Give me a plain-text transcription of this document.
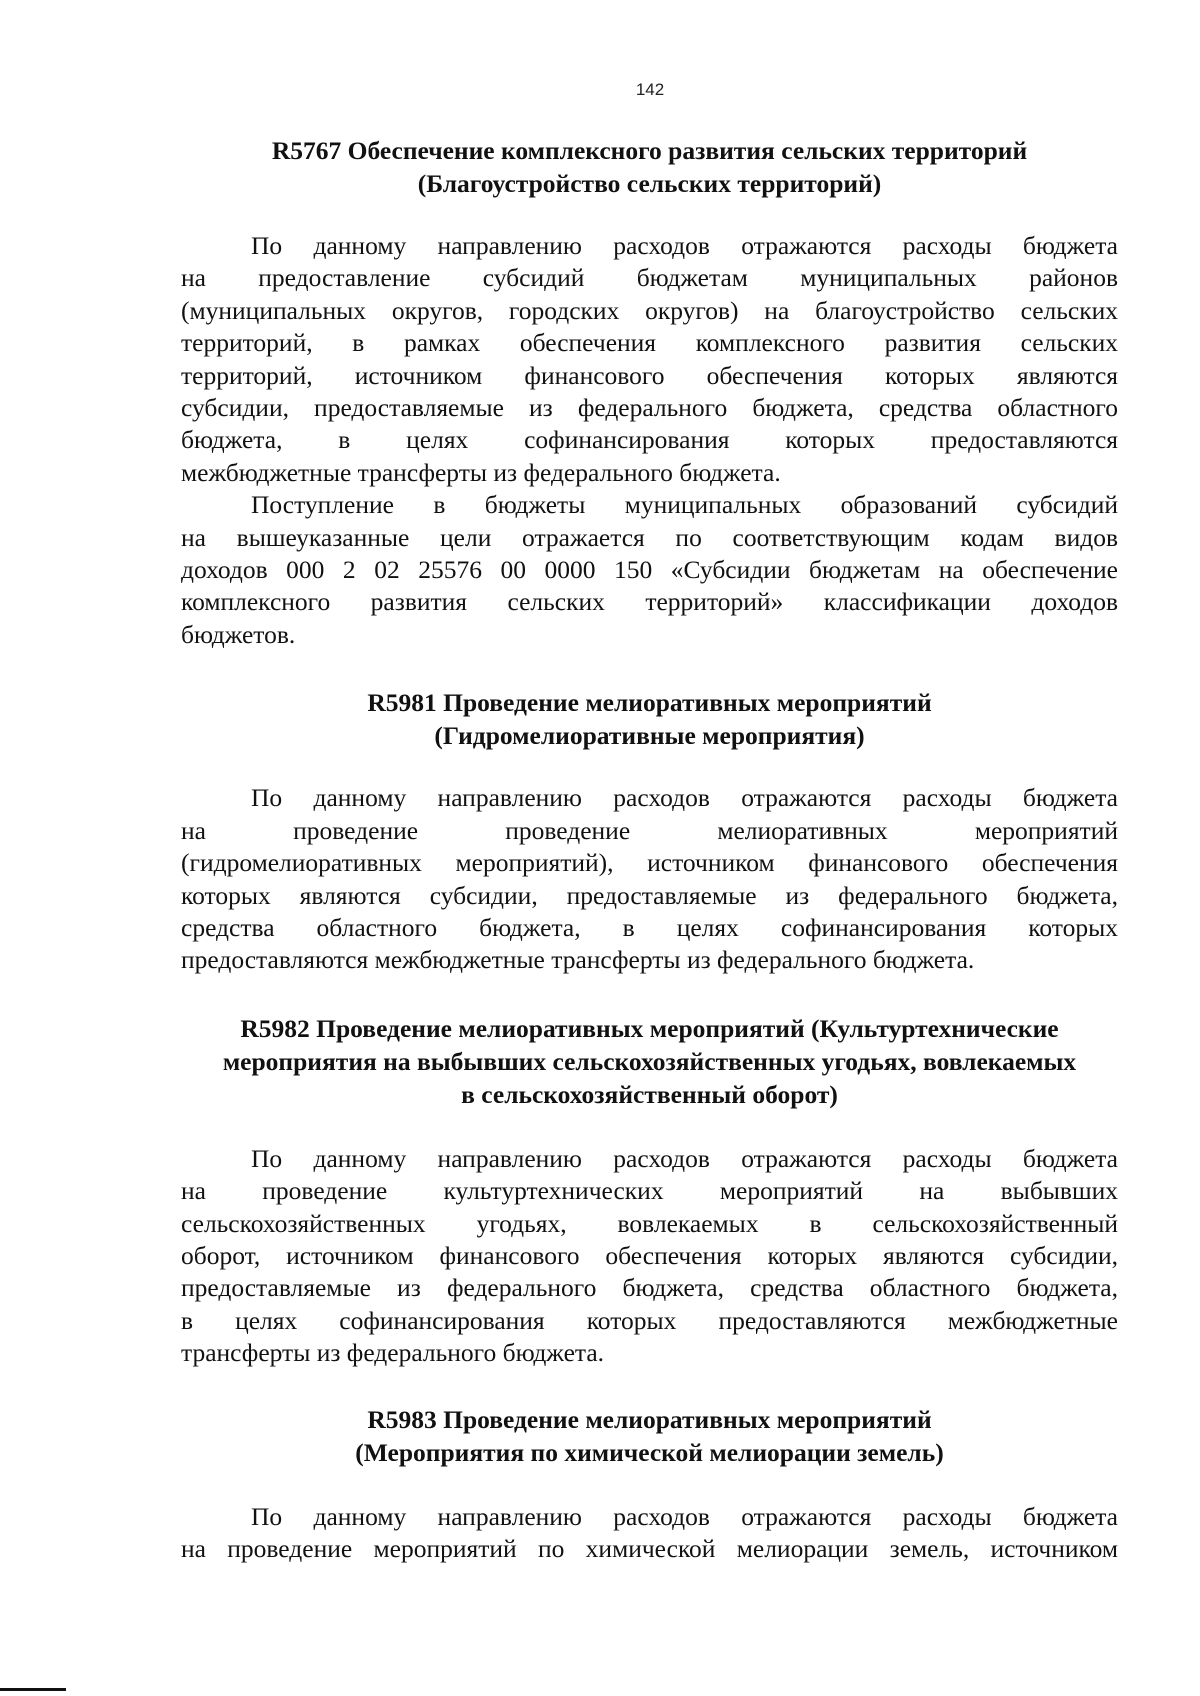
142
R5767 Обеспечение комплексного развития сельских территорий
(Благоустройство сельских территорий)

По данному направлению расходов отражаются расходы бюджета
на предоставление субсидий бюджетам муниципальных районов
(муниципальных округов, городских округов) на благоустройство сельских
территорий, в рамках обеспечения комплексного развития сельских
территорий, источником финансового обеспечения которых являются
субсидии, предоставляемые из федерального бюджета, средства областного
бюджета, в целях софинансирования которых предоставляются
межбюджетные трансферты из федерального бюджета.

Поступление в бюджеты муниципальных образований субсидий
на вышеуказанные цели отражается по соответствующим кодам видов
доходов 000 2 02 25576 00 0000 150 «Субсидии бюджетам на обеспечение
комплексного развития сельских территорий» классификации доходов
бюджетов.

R5981 Проведение мелиоративных мероприятий
(Гидромелиоративные мероприятия)

По данному направлению расходов отражаются расходы бюджета
на проведение проведение мелиоративных мероприятий
(гидромелиоративных мероприятий), источником финансового обеспечения
которых являются субсидии, предоставляемые из федерального бюджета,
средства областного бюджета, в целях софинансирования которых
предоставляются межбюджетные трансферты из федерального бюджета.

R5982 Проведение мелиоративных мероприятий (Культуртехнические
мероприятия на выбывших сельскохозяйственных угодьях, вовлекаемых
в сельскохозяйственный оборот)

По данному направлению расходов отражаются расходы бюджета
на проведение культуртехнических мероприятий на выбывших
сельскохозяйственных угодьях, вовлекаемых в сельскохозяйственный
оборот, источником финансового обеспечения которых являются субсидии,
предоставляемые из федерального бюджета, средства областного бюджета,
в целях софинансирования которых предоставляются межбюджетные
трансферты из федерального бюджета.

R5983 Проведение мелиоративных мероприятий
(Мероприятия по химической мелиорации земель)

По данному направлению расходов отражаются расходы бюджета
на проведение мероприятий по химической мелиорации земель, источником
